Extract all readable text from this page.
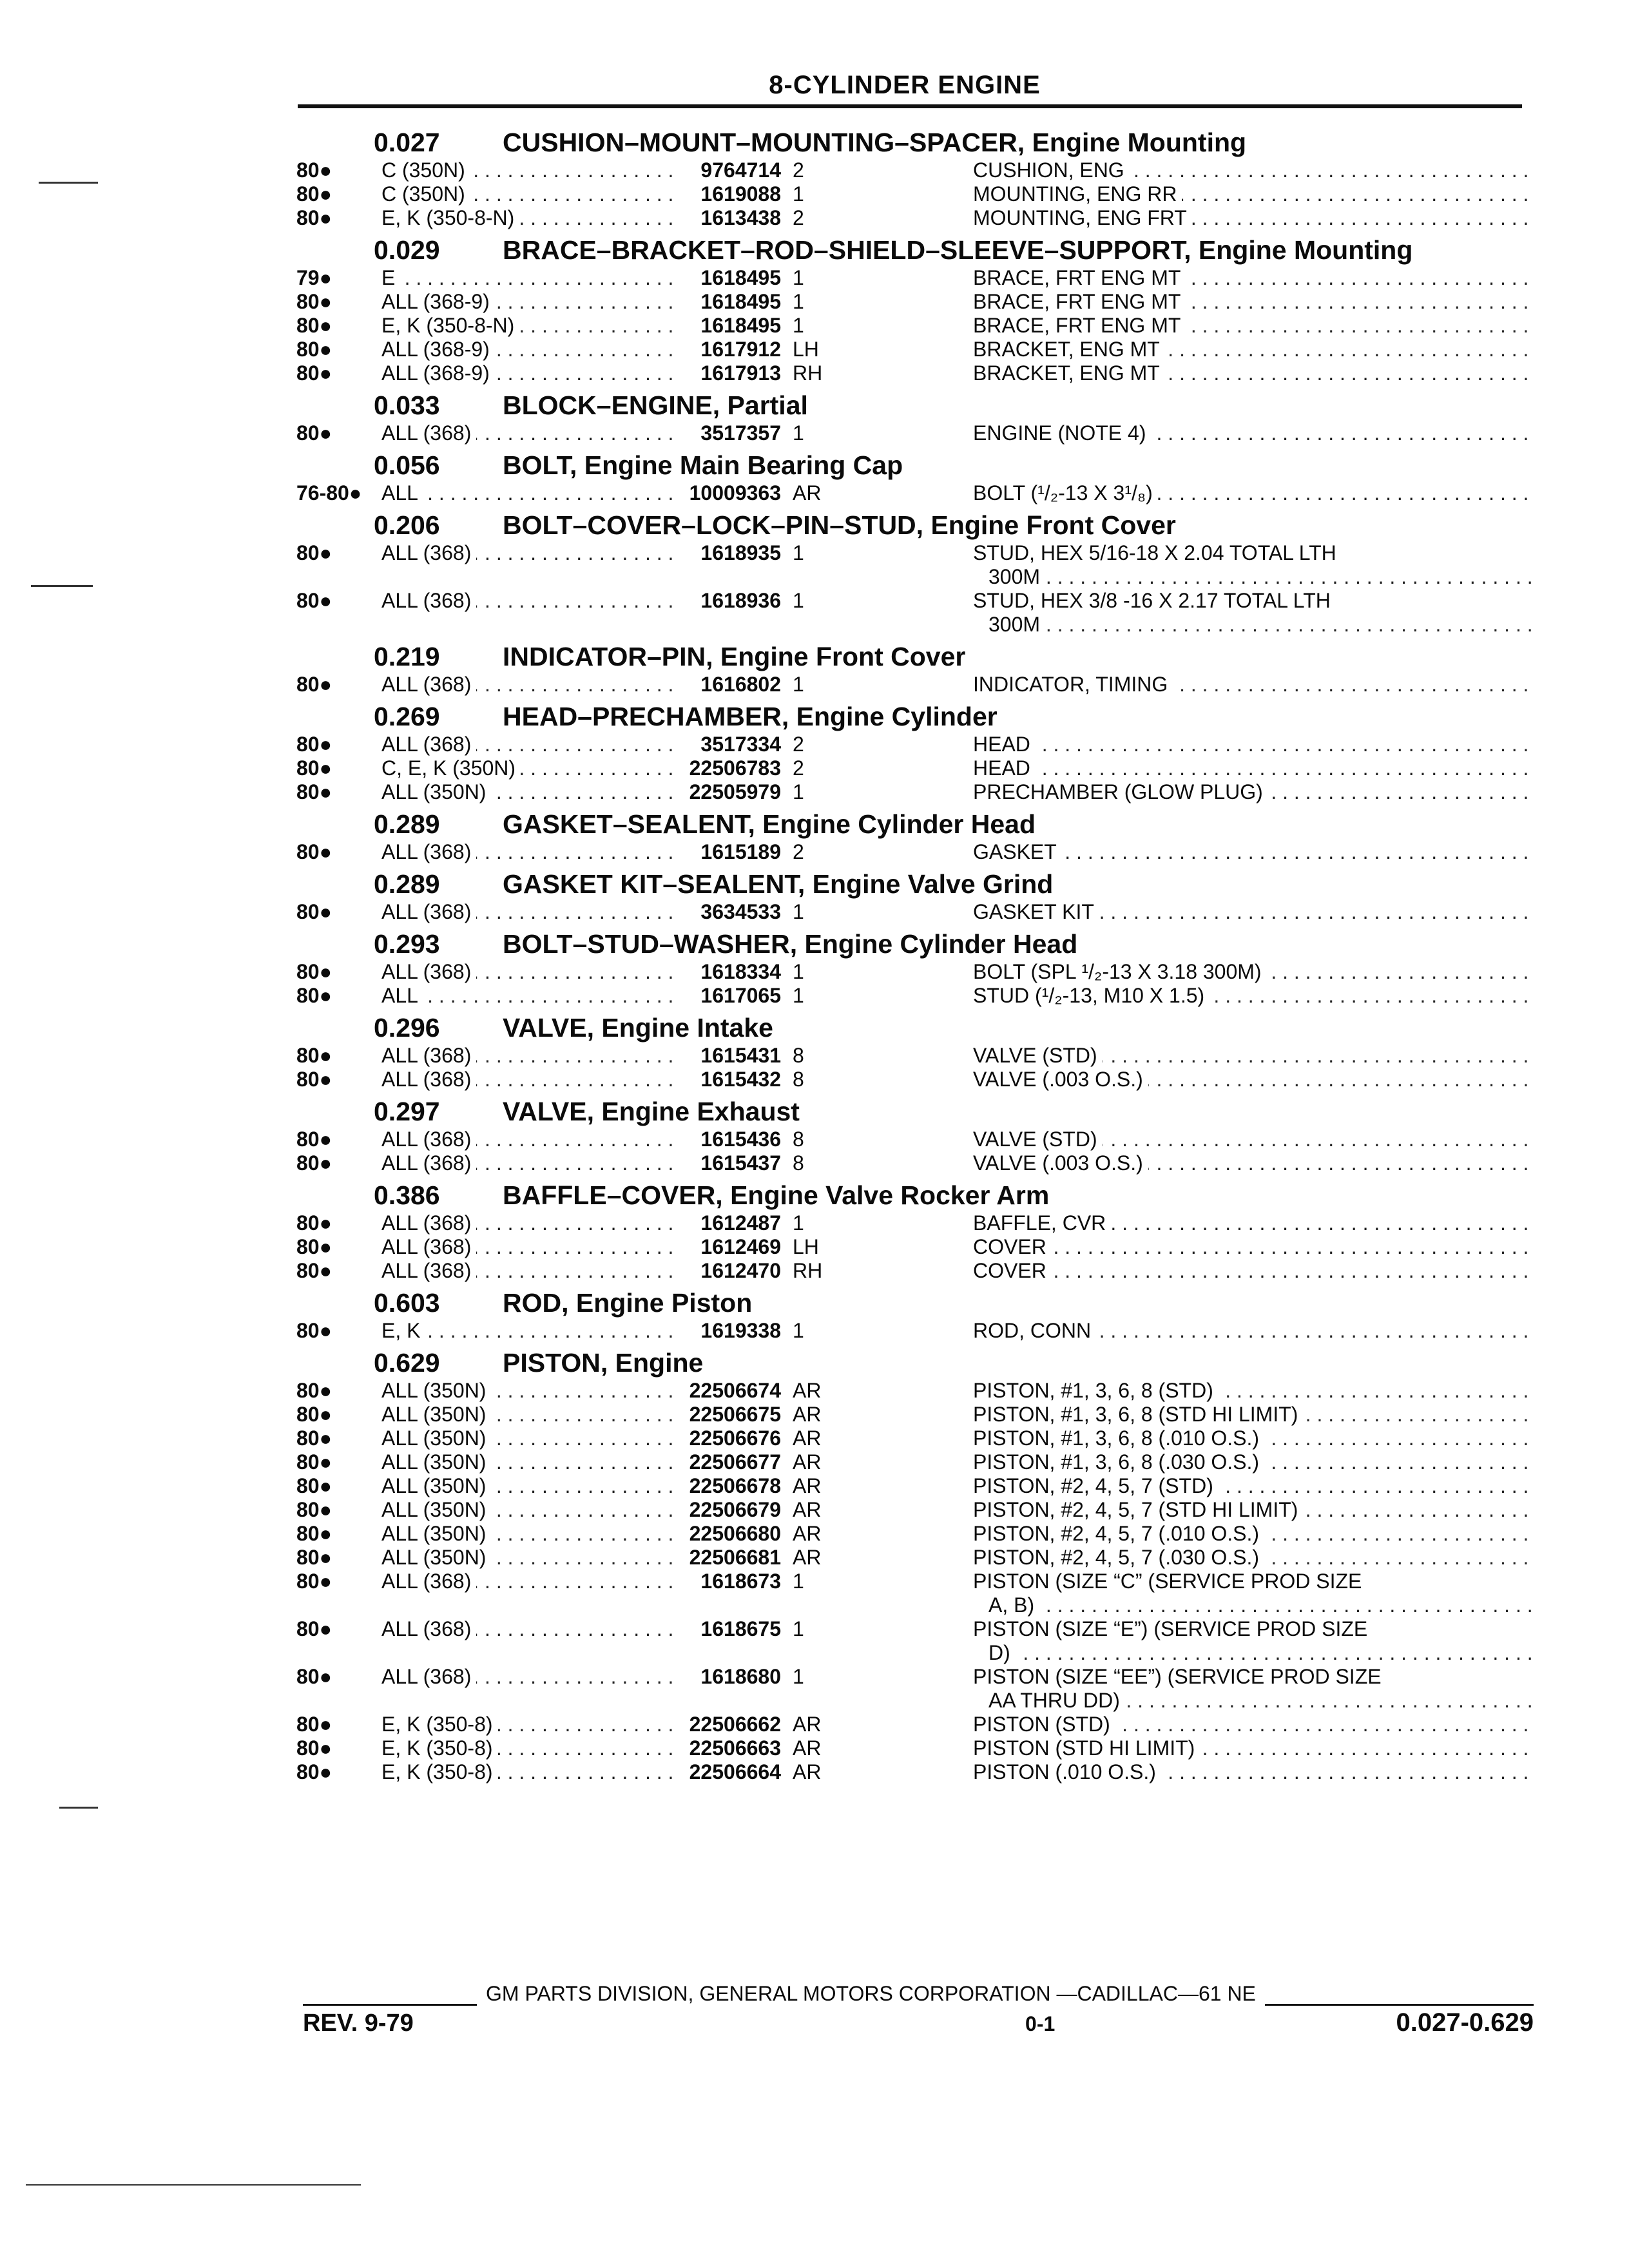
8-CYLINDER ENGINE
0.027	CUSHION–MOUNT–MOUNTING–SPACER, Engine Mounting
80●	C (350N) . . .	9764714 2	CUSHION, ENG . . .
80●	C (350N) . . .	1619088 1	MOUNTING, ENG RR . . .
80●	E, K (350-8-N) . . .	1613438 2	MOUNTING, ENG FRT . . .
0.029	BRACE–BRACKET–ROD–SHIELD–SLEEVE–SUPPORT, Engine Mounting
79●	E . . .	1618495 1	BRACE, FRT ENG MT . . .
80●	ALL (368-9) . . .	1618495 1	BRACE, FRT ENG MT . . .
80●	E, K (350-8-N) . . .	1618495 1	BRACE, FRT ENG MT . . .
80●	ALL (368-9) . . .	1617912 LH	BRACKET, ENG MT . . .
80●	ALL (368-9) . . .	1617913 RH	BRACKET, ENG MT . . .
0.033	BLOCK–ENGINE, Partial
80●	ALL (368) . . .	3517357 1	ENGINE (NOTE 4) . . .
0.056	BOLT, Engine Main Bearing Cap
76-80● ALL . . .	10009363 AR	BOLT (¹/₂-13 X 3¹/₈) . . .
0.206	BOLT–COVER–LOCK–PIN–STUD, Engine Front Cover
80●	ALL (368) . . .	1618935 1	STUD, HEX 5/16-18 X 2.04 TOTAL LTH
300M . . .
80●	ALL (368) . . .	1618936 1	STUD, HEX 3/8 -16 X 2.17 TOTAL LTH
300M . . .
0.219	INDICATOR–PIN, Engine Front Cover
80●	ALL (368) . . .	1616802 1	INDICATOR, TIMING . . .
0.269	HEAD–PRECHAMBER, Engine Cylinder
80●	ALL (368) . . .	3517334 2	HEAD . . .
80●	C, E, K (350N) . . .	22506783 2	HEAD . . .
80●	ALL (350N) . . .	22505979 1	PRECHAMBER (GLOW PLUG) . . .
0.289	GASKET–SEALENT, Engine Cylinder Head
80●	ALL (368) . . .	1615189 2	GASKET . . .
0.289	GASKET KIT–SEALENT, Engine Valve Grind
80●	ALL (368) . . .	3634533 1	GASKET KIT . . .
0.293	BOLT–STUD–WASHER, Engine Cylinder Head
80●	ALL (368) . . .	1618334 1	BOLT (SPL ¹/₂-13 X 3.18 300M) . . .
80●	ALL . . .	1617065 1	STUD (¹/₂-13, M10 X 1.5) . . .
0.296	VALVE, Engine Intake
80●	ALL (368) . . .	1615431 8	VALVE (STD) . . .
80●	ALL (368) . . .	1615432 8	VALVE (.003 O.S.) . . .
0.297	VALVE, Engine Exhaust
80●	ALL (368) . . .	1615436 8	VALVE (STD) . . .
80●	ALL (368) . . .	1615437 8	VALVE (.003 O.S.) . . .
0.386	BAFFLE–COVER, Engine Valve Rocker Arm
80●	ALL (368) . . .	1612487 1	BAFFLE, CVR . . .
80●	ALL (368) . . .	1612469 LH	COVER . . .
80●	ALL (368) . . .	1612470 RH	COVER . . .
0.603	ROD, Engine Piston
80●	E, K . . .	1619338 1	ROD, CONN . . .
0.629	PISTON, Engine
80●	ALL (350N) . . .	22506674 AR	PISTON, #1, 3, 6, 8 (STD) . . .
80●	ALL (350N) . . .	22506675 AR	PISTON, #1, 3, 6, 8 (STD HI LIMIT) . . .
80●	ALL (350N) . . .	22506676 AR	PISTON, #1, 3, 6, 8 (.010 O.S.) . . .
80●	ALL (350N) . . .	22506677 AR	PISTON, #1, 3, 6, 8 (.030 O.S.) . . .
80●	ALL (350N) . . .	22506678 AR	PISTON, #2, 4, 5, 7 (STD) . . .
80●	ALL (350N) . . .	22506679 AR	PISTON, #2, 4, 5, 7 (STD HI LIMIT) . . .
80●	ALL (350N) . . .	22506680 AR	PISTON, #2, 4, 5, 7 (.010 O.S.) . . .
80●	ALL (350N) . . .	22506681 AR	PISTON, #2, 4, 5, 7 (.030 O.S.) . . .
80●	ALL (368) . . .	1618673 1	PISTON (SIZE “C” (SERVICE PROD SIZE
A, B) . . .
80●	ALL (368) . . .	1618675 1	PISTON (SIZE “E”) (SERVICE PROD SIZE
D) . . .
80●	ALL (368) . . .	1618680 1	PISTON (SIZE “EE”) (SERVICE PROD SIZE
AA THRU DD) . . .
80●	E, K (350-8) . . .	22506662 AR	PISTON (STD) . . .
80●	E, K (350-8) . . .	22506663 AR	PISTON (STD HI LIMIT) . . .
80●	E, K (350-8) . . .	22506664 AR	PISTON (.010 O.S.) . . .
GM PARTS DIVISION, GENERAL MOTORS CORPORATION —CADILLAC—61 NE
REV. 9-79	0-1	0.027-0.629
